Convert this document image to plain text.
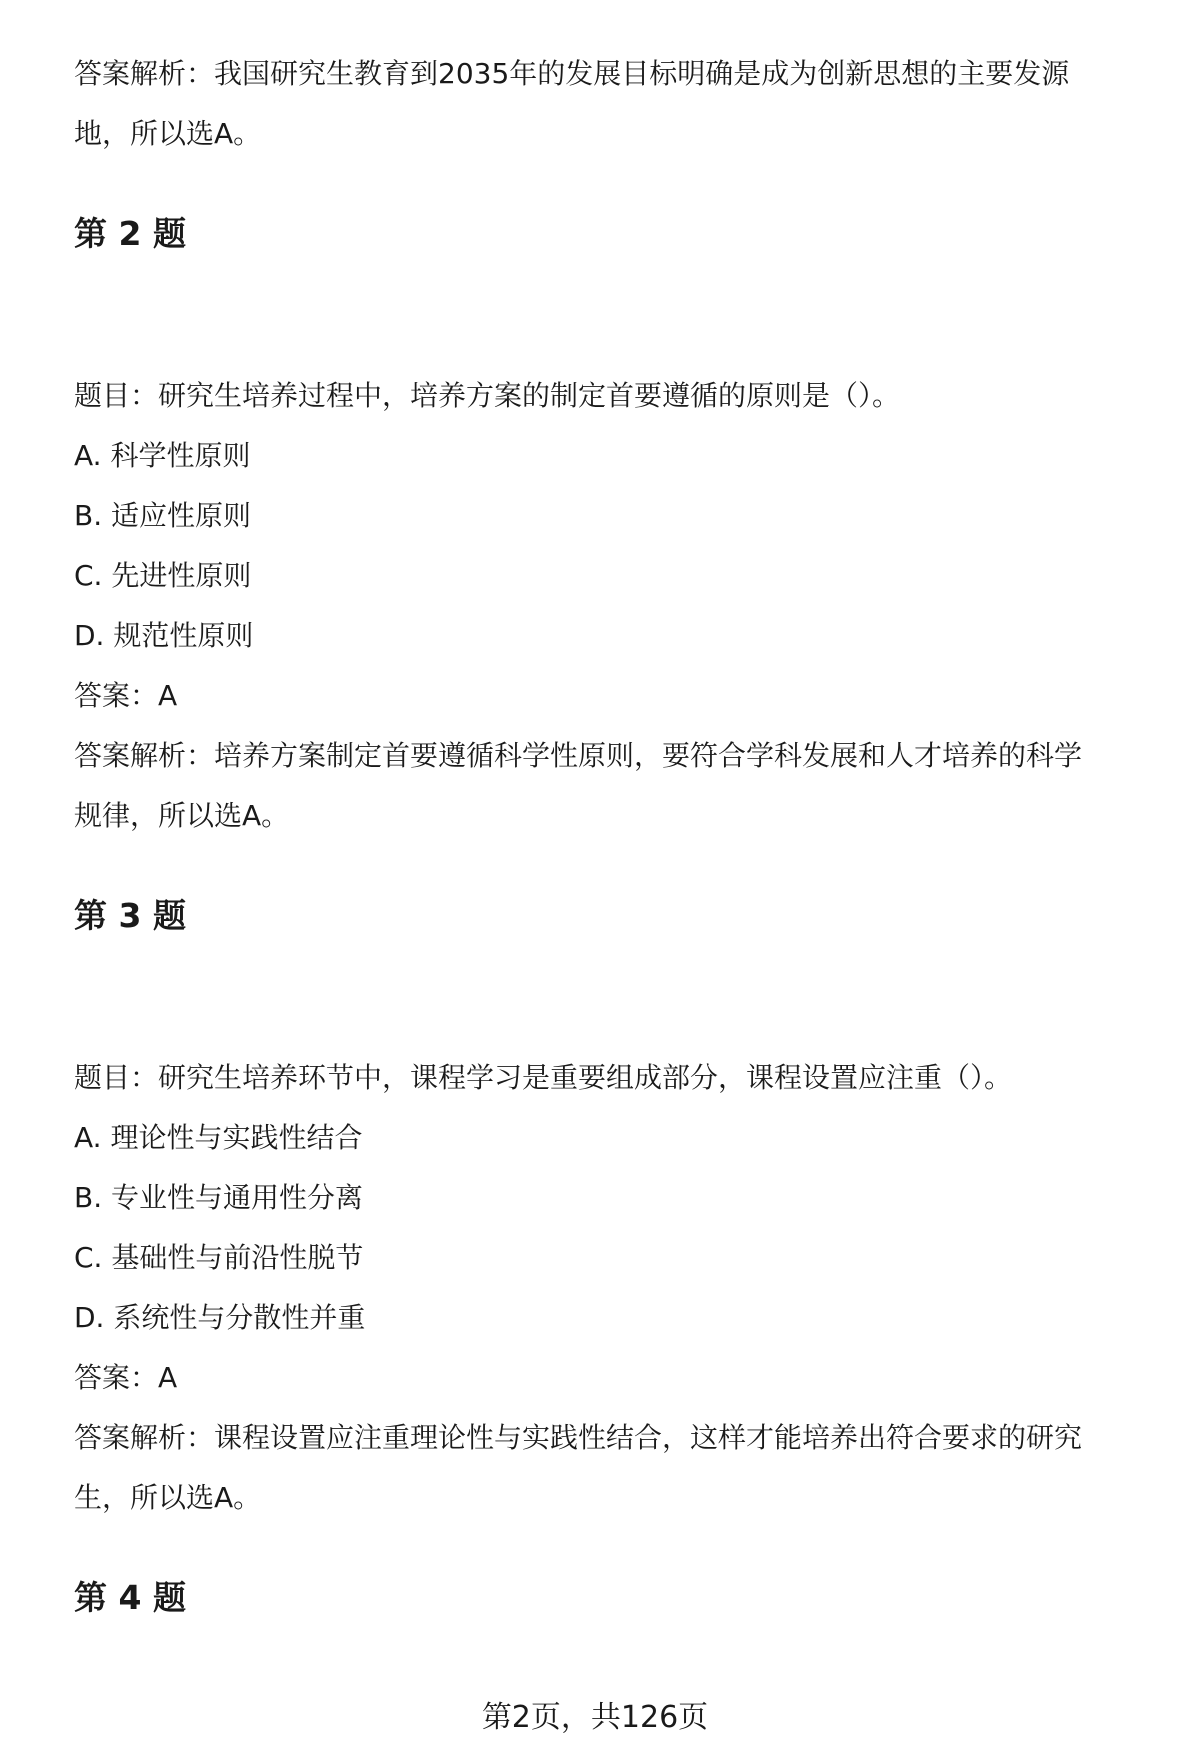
答案解析：我国研究生教育到2035年的发展目标明确是成为创新思想的主要发源
地，所以选A。
第 2 题
题目：研究生培养过程中，培养方案的制定首要遵循的原则是（）。
A. 科学性原则
B. 适应性原则
C. 先进性原则
D. 规范性原则
答案：A
答案解析：培养方案制定首要遵循科学性原则，要符合学科发展和人才培养的科学
规律，所以选A。
第 3 题
题目：研究生培养环节中，课程学习是重要组成部分，课程设置应注重（）。
A. 理论性与实践性结合
B. 专业性与通用性分离
C. 基础性与前沿性脱节
D. 系统性与分散性并重
答案：A
答案解析：课程设置应注重理论性与实践性结合，这样才能培养出符合要求的研究
生，所以选A。
第 4 题
第2页，共126页
